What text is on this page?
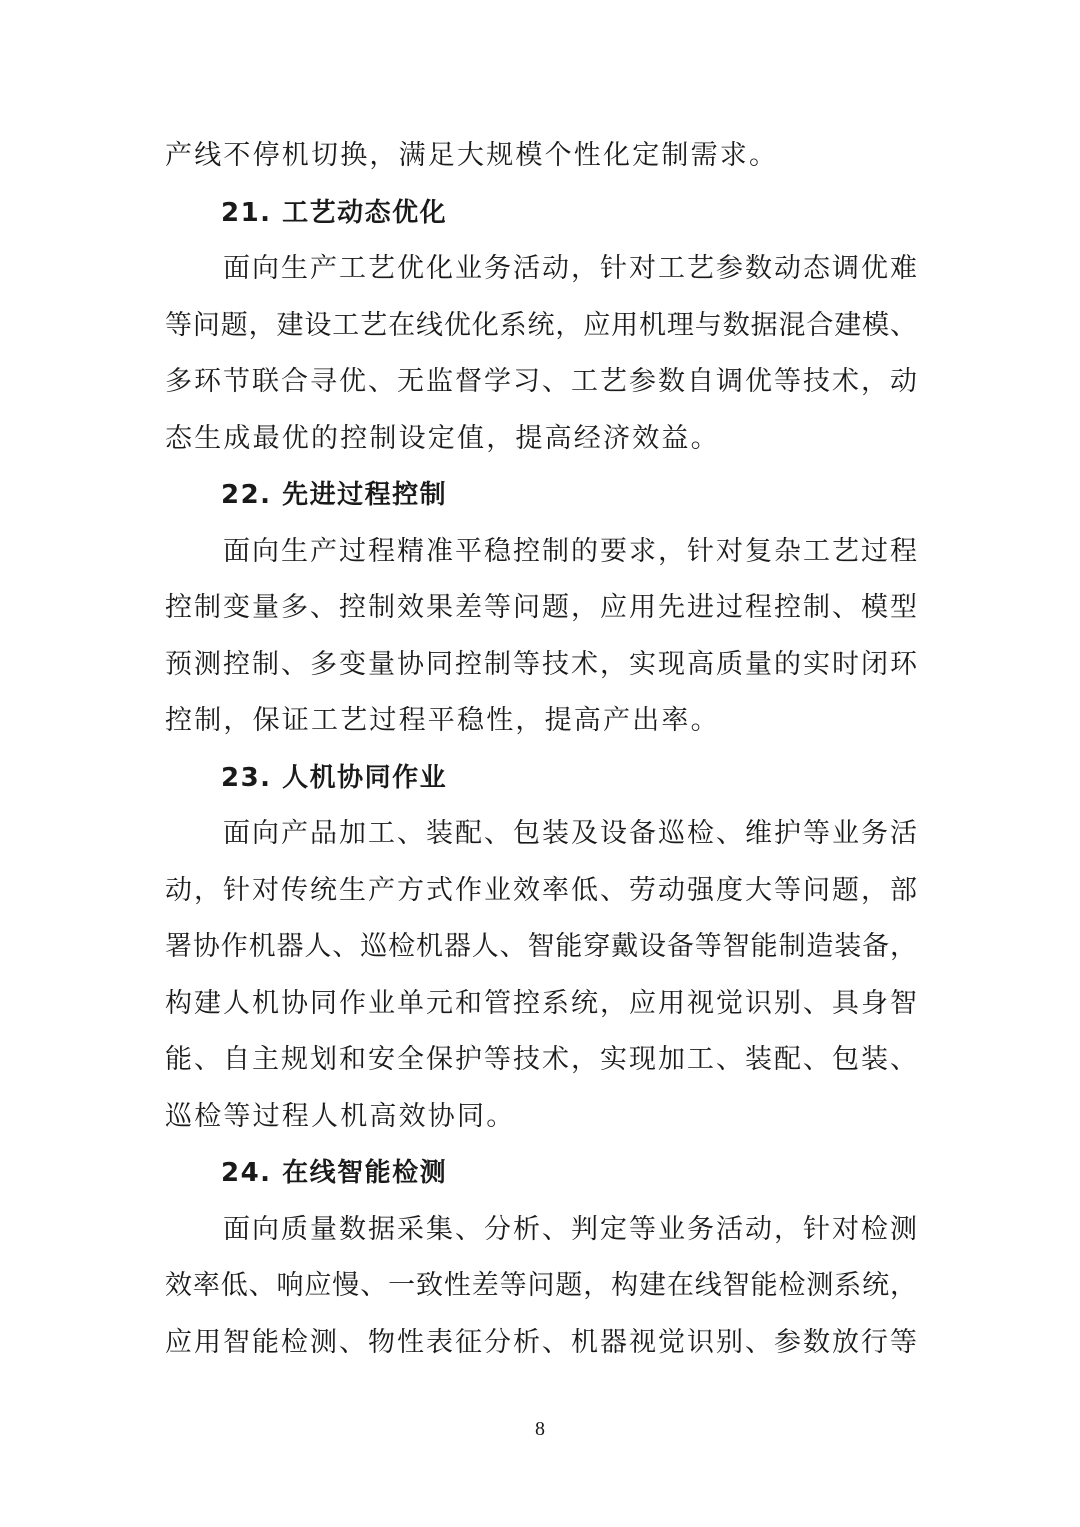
产线不停机切换，满足大规模个性化定制需求。
21. 工艺动态优化
面向生产工艺优化业务活动，针对工艺参数动态调优难
等问题，建设工艺在线优化系统，应用机理与数据混合建模、
多环节联合寻优、无监督学习、工艺参数自调优等技术，动
态生成最优的控制设定值，提高经济效益。
22. 先进过程控制
面向生产过程精准平稳控制的要求，针对复杂工艺过程
控制变量多、控制效果差等问题，应用先进过程控制、模型
预测控制、多变量协同控制等技术，实现高质量的实时闭环
控制，保证工艺过程平稳性，提高产出率。
23. 人机协同作业
面向产品加工、装配、包装及设备巡检、维护等业务活
动，针对传统生产方式作业效率低、劳动强度大等问题，部
署协作机器人、巡检机器人、智能穿戴设备等智能制造装备，
构建人机协同作业单元和管控系统，应用视觉识别、具身智
能、自主规划和安全保护等技术，实现加工、装配、包装、
巡检等过程人机高效协同。
24. 在线智能检测
面向质量数据采集、分析、判定等业务活动，针对检测
效率低、响应慢、一致性差等问题，构建在线智能检测系统，
应用智能检测、物性表征分析、机器视觉识别、参数放行等
8
